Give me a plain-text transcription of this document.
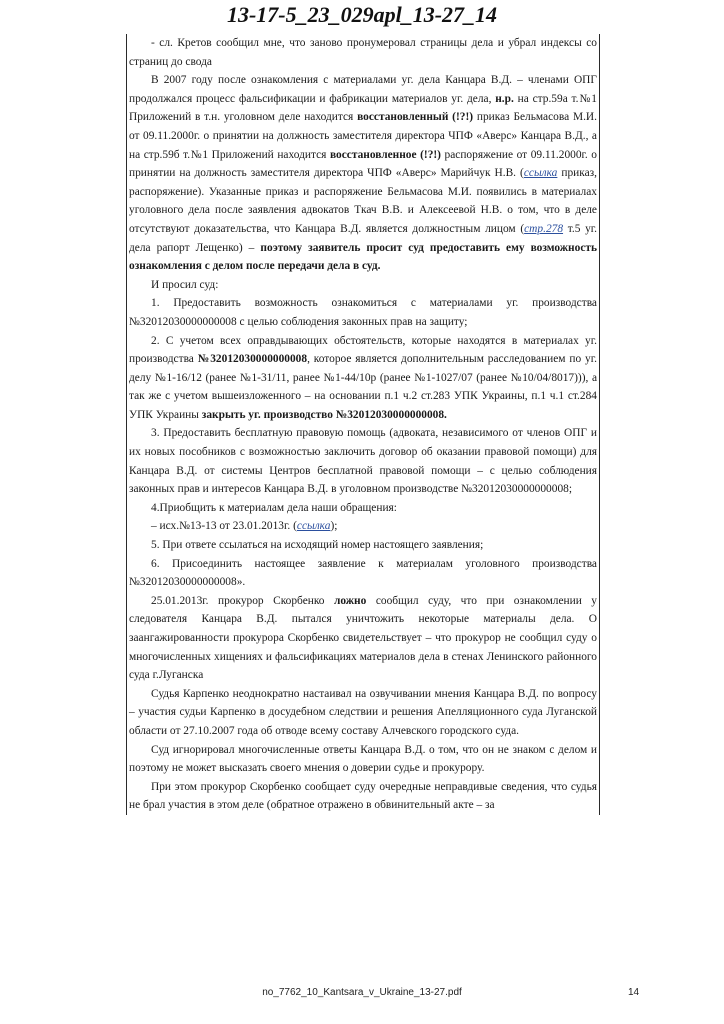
13-17-5_23_029apl_13-27_14

- сл. Кретов сообщил мне, что заново пронумеровал страницы дела и убрал индексы со страниц до свода

В 2007 году после ознакомления с материалами уг. дела Канцара В.Д. – членами ОПГ продолжался процесс фальсификации и фабрикации материалов уг. дела, н.р. на стр.59а т.№1 Приложений в т.н. уголовном деле находится восстановленный (!?!) приказ Бельмасова М.И. от 09.11.2000г. о принятии на должность заместителя директора ЧПФ «Аверс» Канцара В.Д., а на стр.59б т.№1 Приложений находится восстановленное (!?!) распоряжение от 09.11.2000г. о принятии на должность заместителя директора ЧПФ «Аверс» Марийчук Н.В. (ссылка приказ, распоряжение). Указанные приказ и распоряжение Бельмасова М.И. появились в материалах уголовного дела после заявления адвокатов Ткач В.В. и Алексеевой Н.В. о том, что в деле отсутствуют доказательства, что Канцара В.Д. является должностным лицом (стр.278 т.5 уг. дела рапорт Лещенко) – поэтому заявитель просит суд предоставить ему возможность ознакомления с делом после передачи дела в суд.

И просил суд:

1. Предоставить возможность ознакомиться с материалами уг. производства №32012030000000008 с целью соблюдения законных прав на защиту;

2. С учетом всех оправдывающих обстоятельств, которые находятся в материалах уг. производства №32012030000000008, которое является дополнительным расследованием по уг. делу №1-16/12 (ранее №1-31/11, ранее №1-44/10р (ранее №1-1027/07 (ранее №10/04/8017))), а так же с учетом вышеизложенного – на основании п.1 ч.2 ст.283 УПК Украины, п.1 ч.1 ст.284 УПК Украины закрыть уг. производство №32012030000000008.

3. Предоставить бесплатную правовую помощь (адвоката, независимого от членов ОПГ и их новых пособников с возможностью заключить договор об оказании правовой помощи) для Канцара В.Д. от системы Центров бесплатной правовой помощи – с целью соблюдения законных прав и интересов Канцара В.Д. в уголовном производстве №32012030000000008;

4.Приобщить к материалам дела наши обращения:

– исх.№13-13 от 23.01.2013г. (ссылка);

5. При ответе ссылаться на исходящий номер настоящего заявления;

6. Присоединить настоящее заявление к материалам уголовного производства №32012030000000008».

25.01.2013г. прокурор Скорбенко ложно сообщил суду, что при ознакомлении у следователя Канцара В.Д. пытался уничтожить некоторые материалы дела. О заангажированности прокурора Скорбенко свидетельствует – что прокурор не сообщил суду о многочисленных хищениях и фальсификациях материалов дела в стенах Ленинского районного суда г.Луганска

Судья Карпенко неоднократно настаивал на озвучивании мнения Канцара В.Д. по вопросу – участия судьи Карпенко в досудебном следствии и решения Апелляционного суда Луганской области от 27.10.2007 года об отводе всему составу Алчевского городского суда.

Суд игнорировал многочисленные ответы Канцара В.Д. о том, что он не знаком с делом и поэтому не может высказать своего мнения о доверии судье и прокурору.

При этом прокурор Скорбенко сообщает суду очередные неправдивые сведения, что судья не брал участия в этом деле (обратное отражено в обвинительный акте – за

no_7762_10_Kantsara_v_Ukraine_13-27.pdf	14
